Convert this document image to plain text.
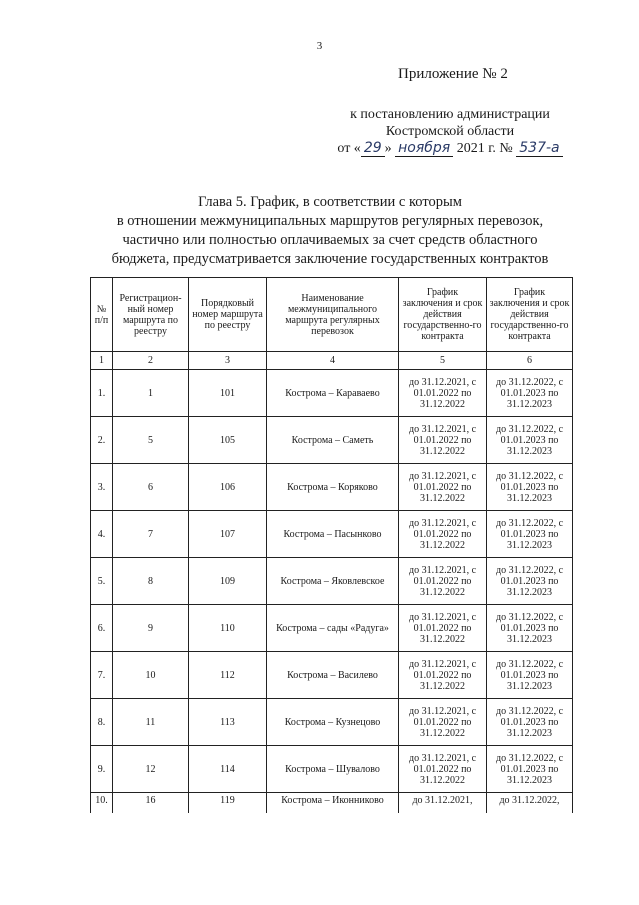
3
Приложение № 2
к постановлению администрации
Костромской области
от « 29 » ноября 2021 г. № 537-а
Глава 5. График, в соответствии с которым
в отношении межмуниципальных маршрутов регулярных перевозок,
частично или полностью оплачиваемых за счет средств областного
бюджета, предусматривается заключение государственных контрактов
№ п/п	Регистрацион-ный номер маршрута по реестру	Порядковый номер маршрута по реестру	Наименование межмуниципального маршрута регулярных перевозок	График заключения и срок действия государственно-го контракта	График заключения и срок действия государственно-го контракта
1	2	3	4	5	6
1.	1	101	Кострома – Караваево	до 31.12.2021, с 01.01.2022 по 31.12.2022	до 31.12.2022, с 01.01.2023 по 31.12.2023
2.	5	105	Кострома – Саметь	до 31.12.2021, с 01.01.2022 по 31.12.2022	до 31.12.2022, с 01.01.2023 по 31.12.2023
3.	6	106	Кострома – Коряково	до 31.12.2021, с 01.01.2022 по 31.12.2022	до 31.12.2022, с 01.01.2023 по 31.12.2023
4.	7	107	Кострома – Пасынково	до 31.12.2021, с 01.01.2022 по 31.12.2022	до 31.12.2022, с 01.01.2023 по 31.12.2023
5.	8	109	Кострома – Яковлевское	до 31.12.2021, с 01.01.2022 по 31.12.2022	до 31.12.2022, с 01.01.2023 по 31.12.2023
6.	9	110	Кострома – сады «Радуга»	до 31.12.2021, с 01.01.2022 по 31.12.2022	до 31.12.2022, с 01.01.2023 по 31.12.2023
7.	10	112	Кострома – Василево	до 31.12.2021, с 01.01.2022 по 31.12.2022	до 31.12.2022, с 01.01.2023 по 31.12.2023
8.	11	113	Кострома – Кузнецово	до 31.12.2021, с 01.01.2022 по 31.12.2022	до 31.12.2022, с 01.01.2023 по 31.12.2023
9.	12	114	Кострома – Шувалово	до 31.12.2021, с 01.01.2022 по 31.12.2022	до 31.12.2022, с 01.01.2023 по 31.12.2023
10.	16	119	Кострома – Иконниково	до 31.12.2021,	до 31.12.2022,
